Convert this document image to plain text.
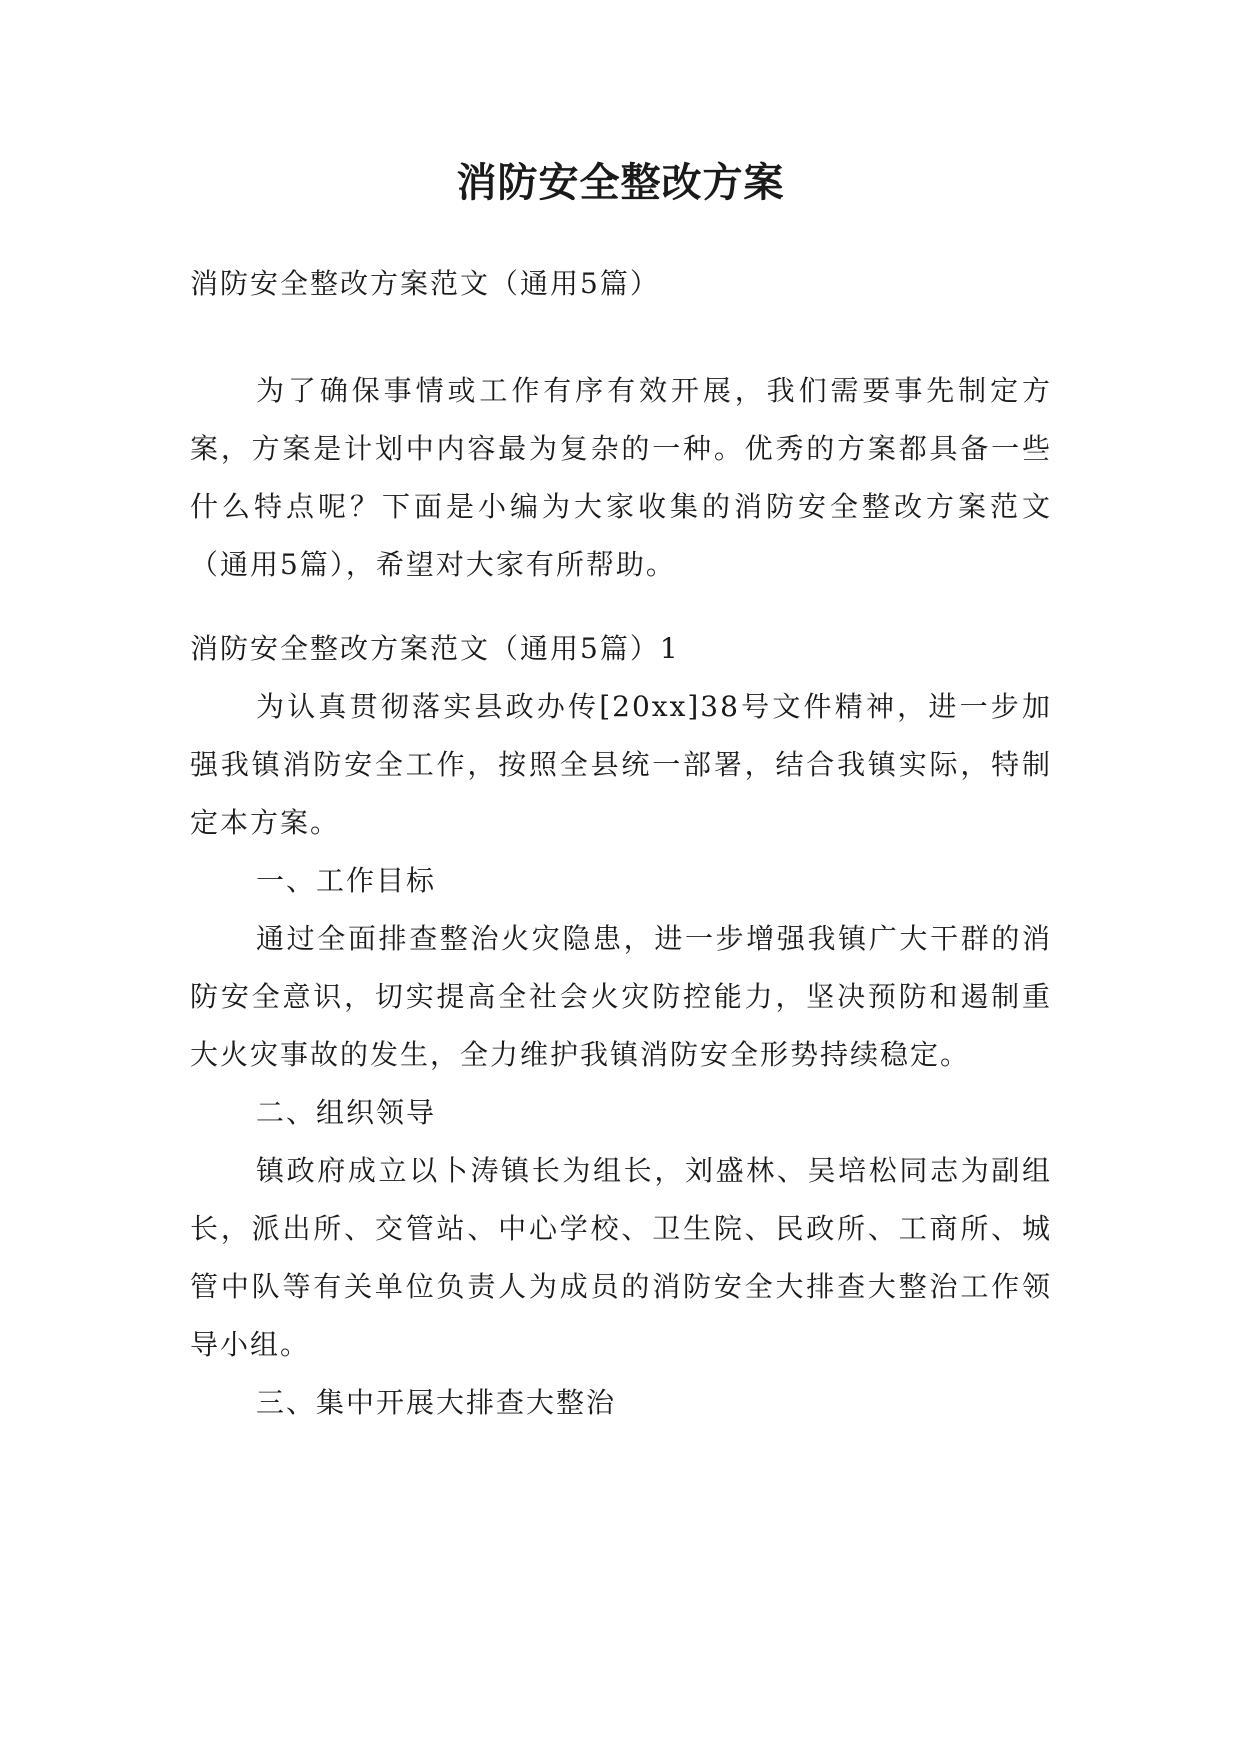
消防安全整改方案

消防安全整改方案范文（通用5篇）

为了确保事情或工作有序有效开展，我们需要事先制定方案，方案是计划中内容最为复杂的一种。优秀的方案都具备一些什么特点呢？下面是小编为大家收集的消防安全整改方案范文（通用5篇），希望对大家有所帮助。

消防安全整改方案范文（通用5篇）1

为认真贯彻落实县政办传[20xx]38号文件精神，进一步加强我镇消防安全工作，按照全县统一部署，结合我镇实际，特制定本方案。

一、工作目标

通过全面排查整治火灾隐患，进一步增强我镇广大干群的消防安全意识，切实提高全社会火灾防控能力，坚决预防和遏制重大火灾事故的发生，全力维护我镇消防安全形势持续稳定。

二、组织领导

镇政府成立以卜涛镇长为组长，刘盛林、吴培松同志为副组长，派出所、交管站、中心学校、卫生院、民政所、工商所、城管中队等有关单位负责人为成员的消防安全大排查大整治工作领导小组。

三、集中开展大排查大整治
